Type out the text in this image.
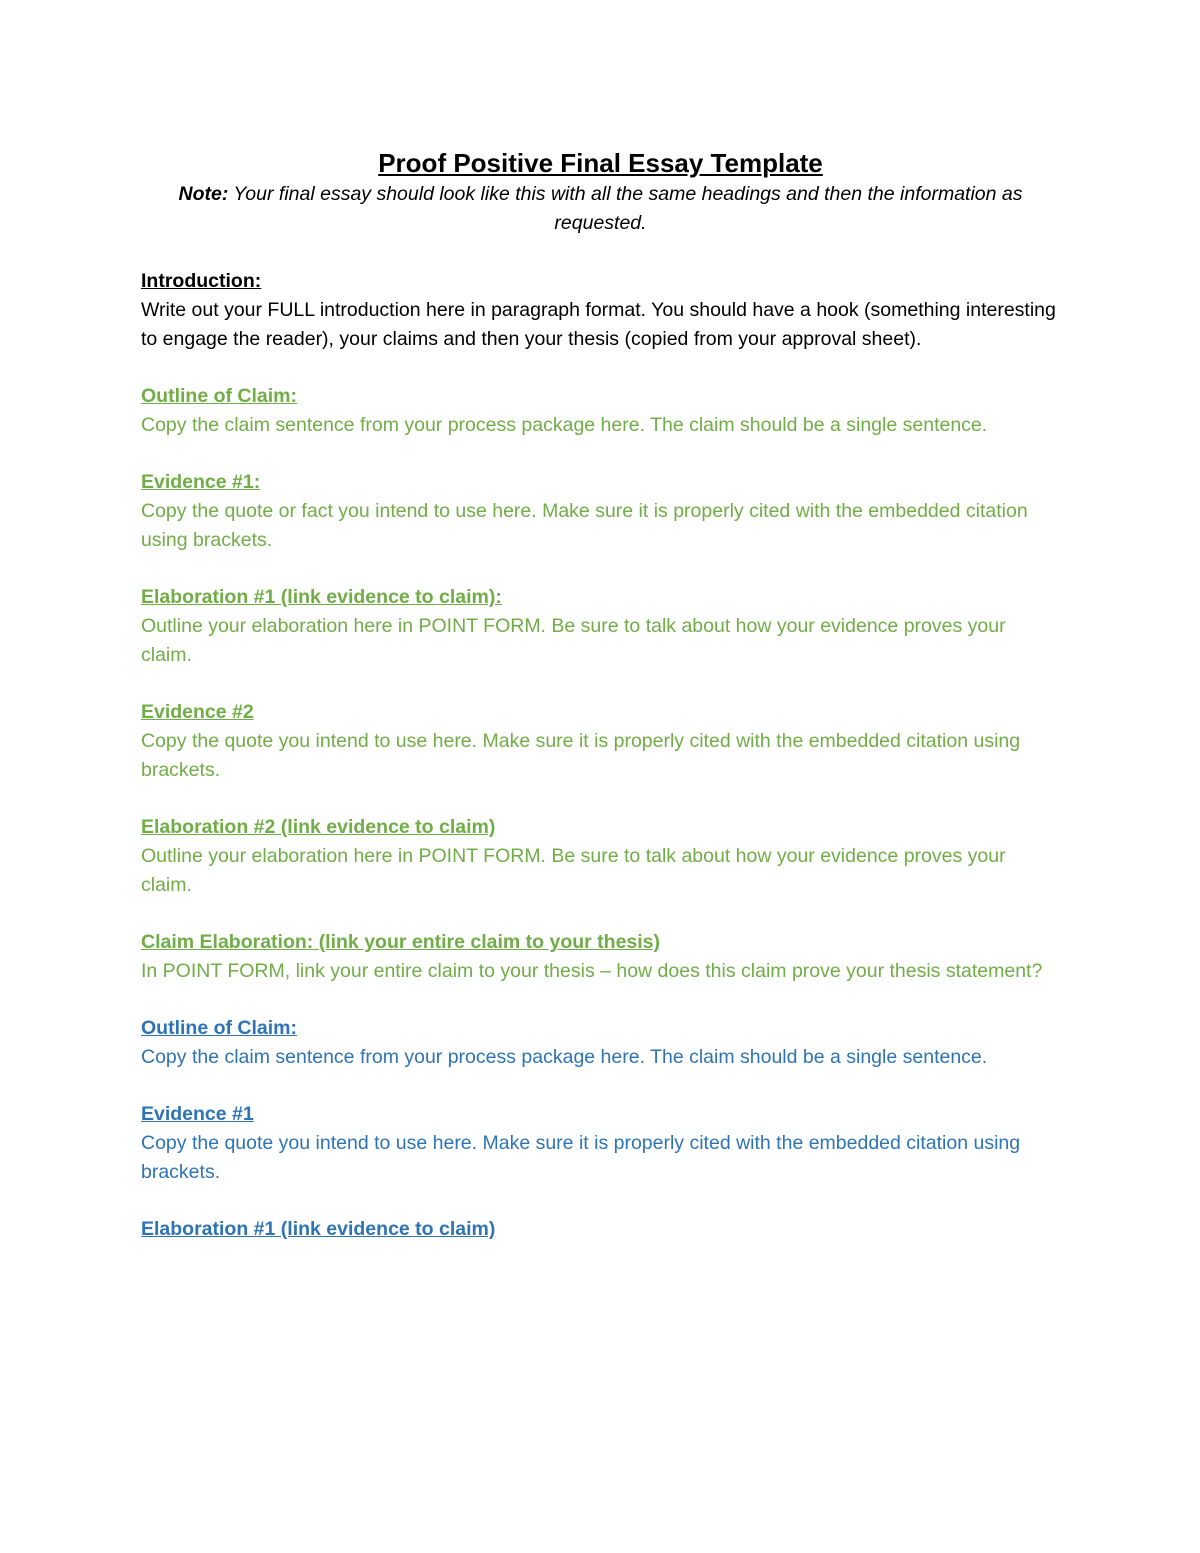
Proof Positive Final Essay Template

Note: Your final essay should look like this with all the same headings and then the information as requested.

Introduction:

Write out your FULL introduction here in paragraph format. You should have a hook (something interesting to engage the reader), your claims and then your thesis (copied from your approval sheet).

Outline of Claim:

Copy the claim sentence from your process package here. The claim should be a single sentence.

Evidence #1:

Copy the quote or fact you intend to use here. Make sure it is properly cited with the embedded citation using brackets.

Elaboration #1 (link evidence to claim):

Outline your elaboration here in POINT FORM. Be sure to talk about how your evidence proves your claim.

Evidence #2

Copy the quote you intend to use here. Make sure it is properly cited with the embedded citation using brackets.

Elaboration #2 (link evidence to claim)

Outline your elaboration here in POINT FORM. Be sure to talk about how your evidence proves your claim.

Claim Elaboration: (link your entire claim to your thesis)

In POINT FORM, link your entire claim to your thesis – how does this claim prove your thesis statement?

Outline of Claim:

Copy the claim sentence from your process package here. The claim should be a single sentence.

Evidence #1

Copy the quote you intend to use here. Make sure it is properly cited with the embedded citation using brackets.

Elaboration #1 (link evidence to claim)
